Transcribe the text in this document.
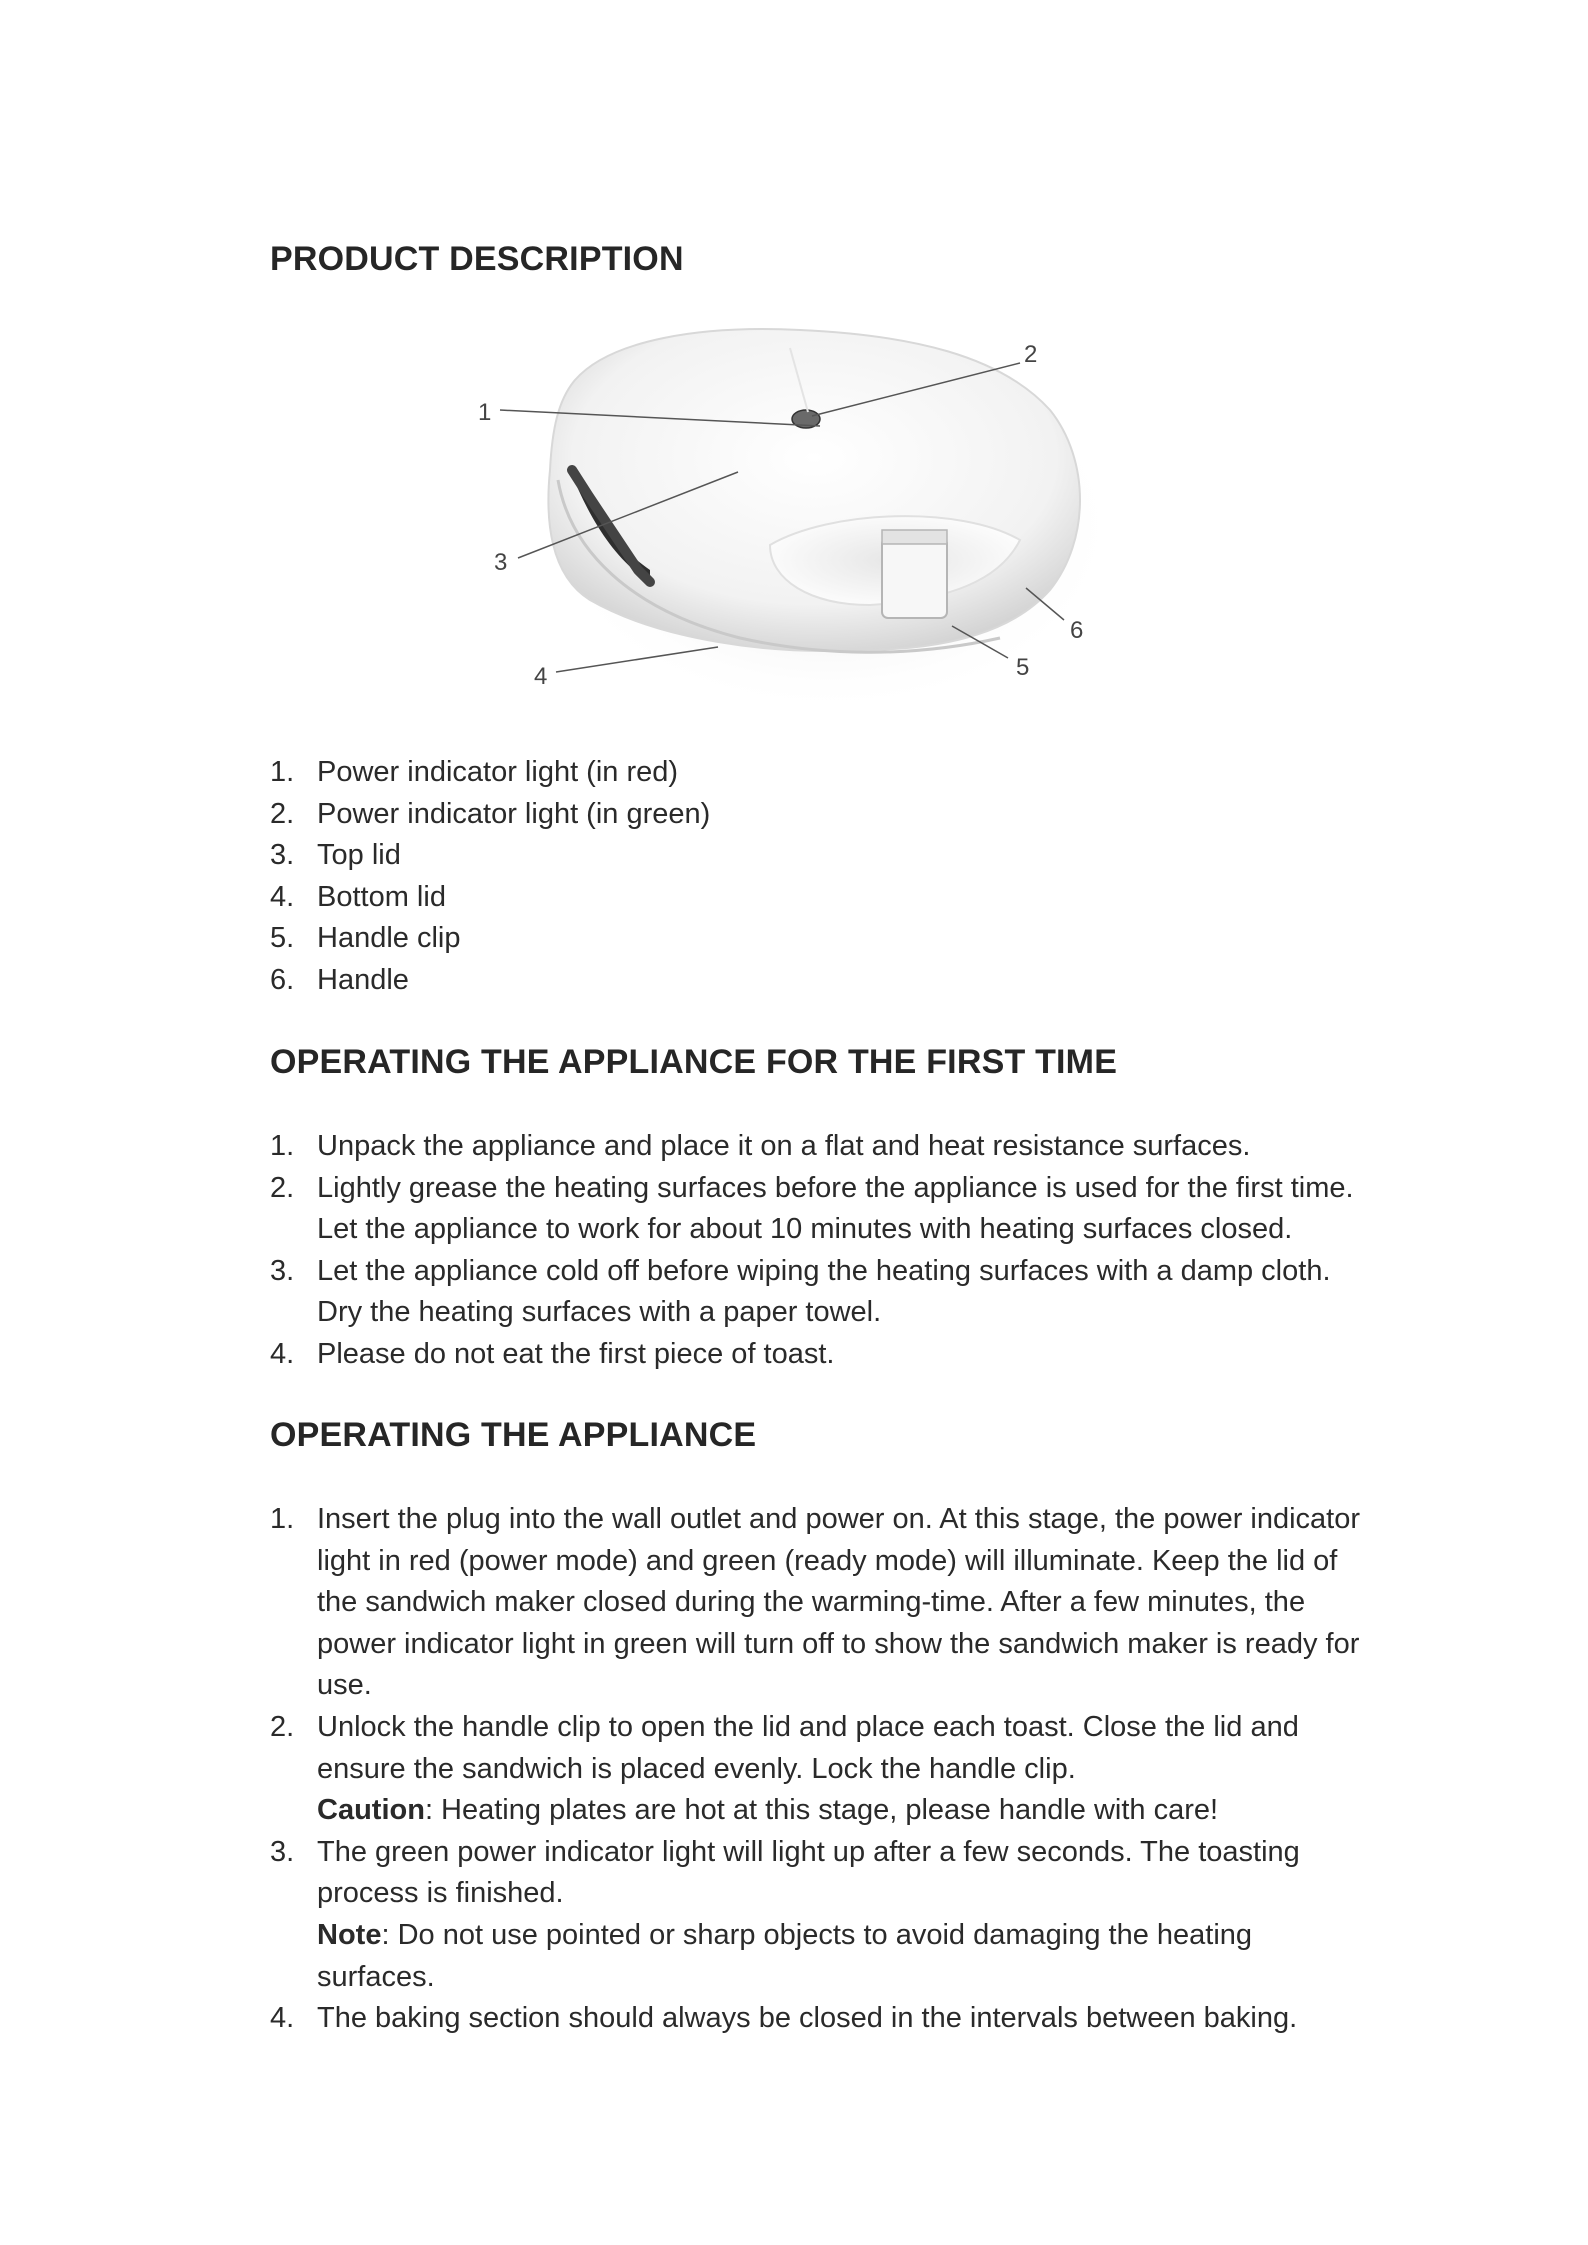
PRODUCT DESCRIPTION
1
2
3
4	5
6
1. Power indicator light (in red)
2. Power indicator light (in green)
3. Top lid
4. Bottom lid
5. Handle clip
6. Handle
OPERATING THE APPLIANCE FOR THE FIRST TIME
1. Unpack the appliance and place it on a flat and heat resistance surfaces.
2. Lightly grease the heating surfaces before the appliance is used for the first time.
Let the appliance to work for about 10 minutes with heating surfaces closed.
3. Let the appliance cold off before wiping the heating surfaces with a damp cloth.
Dry the heating surfaces with a paper towel.
4. Please do not eat the first piece of toast.
OPERATING THE APPLIANCE
1. Insert the plug into the wall outlet and power on. At this stage, the power indicator
light in red (power mode) and green (ready mode) will illuminate. Keep the lid of
the sandwich maker closed during the warming-time. After a few minutes, the
power indicator light in green will turn off to show the sandwich maker is ready for
use.
2. Unlock the handle clip to open the lid and place each toast. Close the lid and
ensure the sandwich is placed evenly. Lock the handle clip.
Caution: Heating plates are hot at this stage, please handle with care!
3. The green power indicator light will light up after a few seconds. The toasting
process is finished.
Note: Do not use pointed or sharp objects to avoid damaging the heating
surfaces.
4. The baking section should always be closed in the intervals between baking.
